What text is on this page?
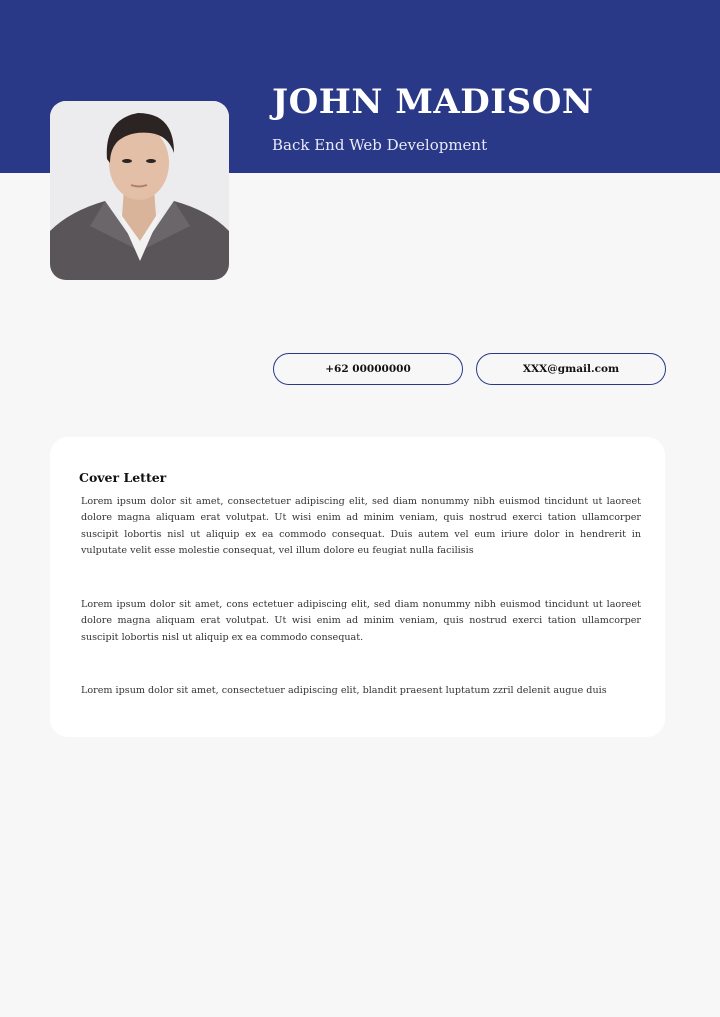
JOHN MADISON
Back End Web Development
+62 00000000	XXX@gmail.com
Cover Letter

Lorem ipsum dolor sit amet, consectetuer adipiscing elit, sed diam nonummy nibh euismod tincidunt ut laoreet dolore magna aliquam erat volutpat. Ut wisi enim ad minim veniam, quis nostrud exerci tation ullamcorper suscipit lobortis nisl ut aliquip ex ea commodo consequat. Duis autem vel eum iriure dolor in hendrerit in vulputate velit esse molestie consequat, vel illum dolore eu feugiat nulla facilisis

Lorem ipsum dolor sit amet, cons ectetuer adipiscing elit, sed diam nonummy nibh euismod tincidunt ut laoreet dolore magna aliquam erat volutpat. Ut wisi enim ad minim veniam, quis nostrud exerci tation ullamcorper suscipit lobortis nisl ut aliquip ex ea commodo consequat.

Lorem ipsum dolor sit amet, consectetuer adipiscing elit, blandit praesent luptatum zzril delenit augue duis
